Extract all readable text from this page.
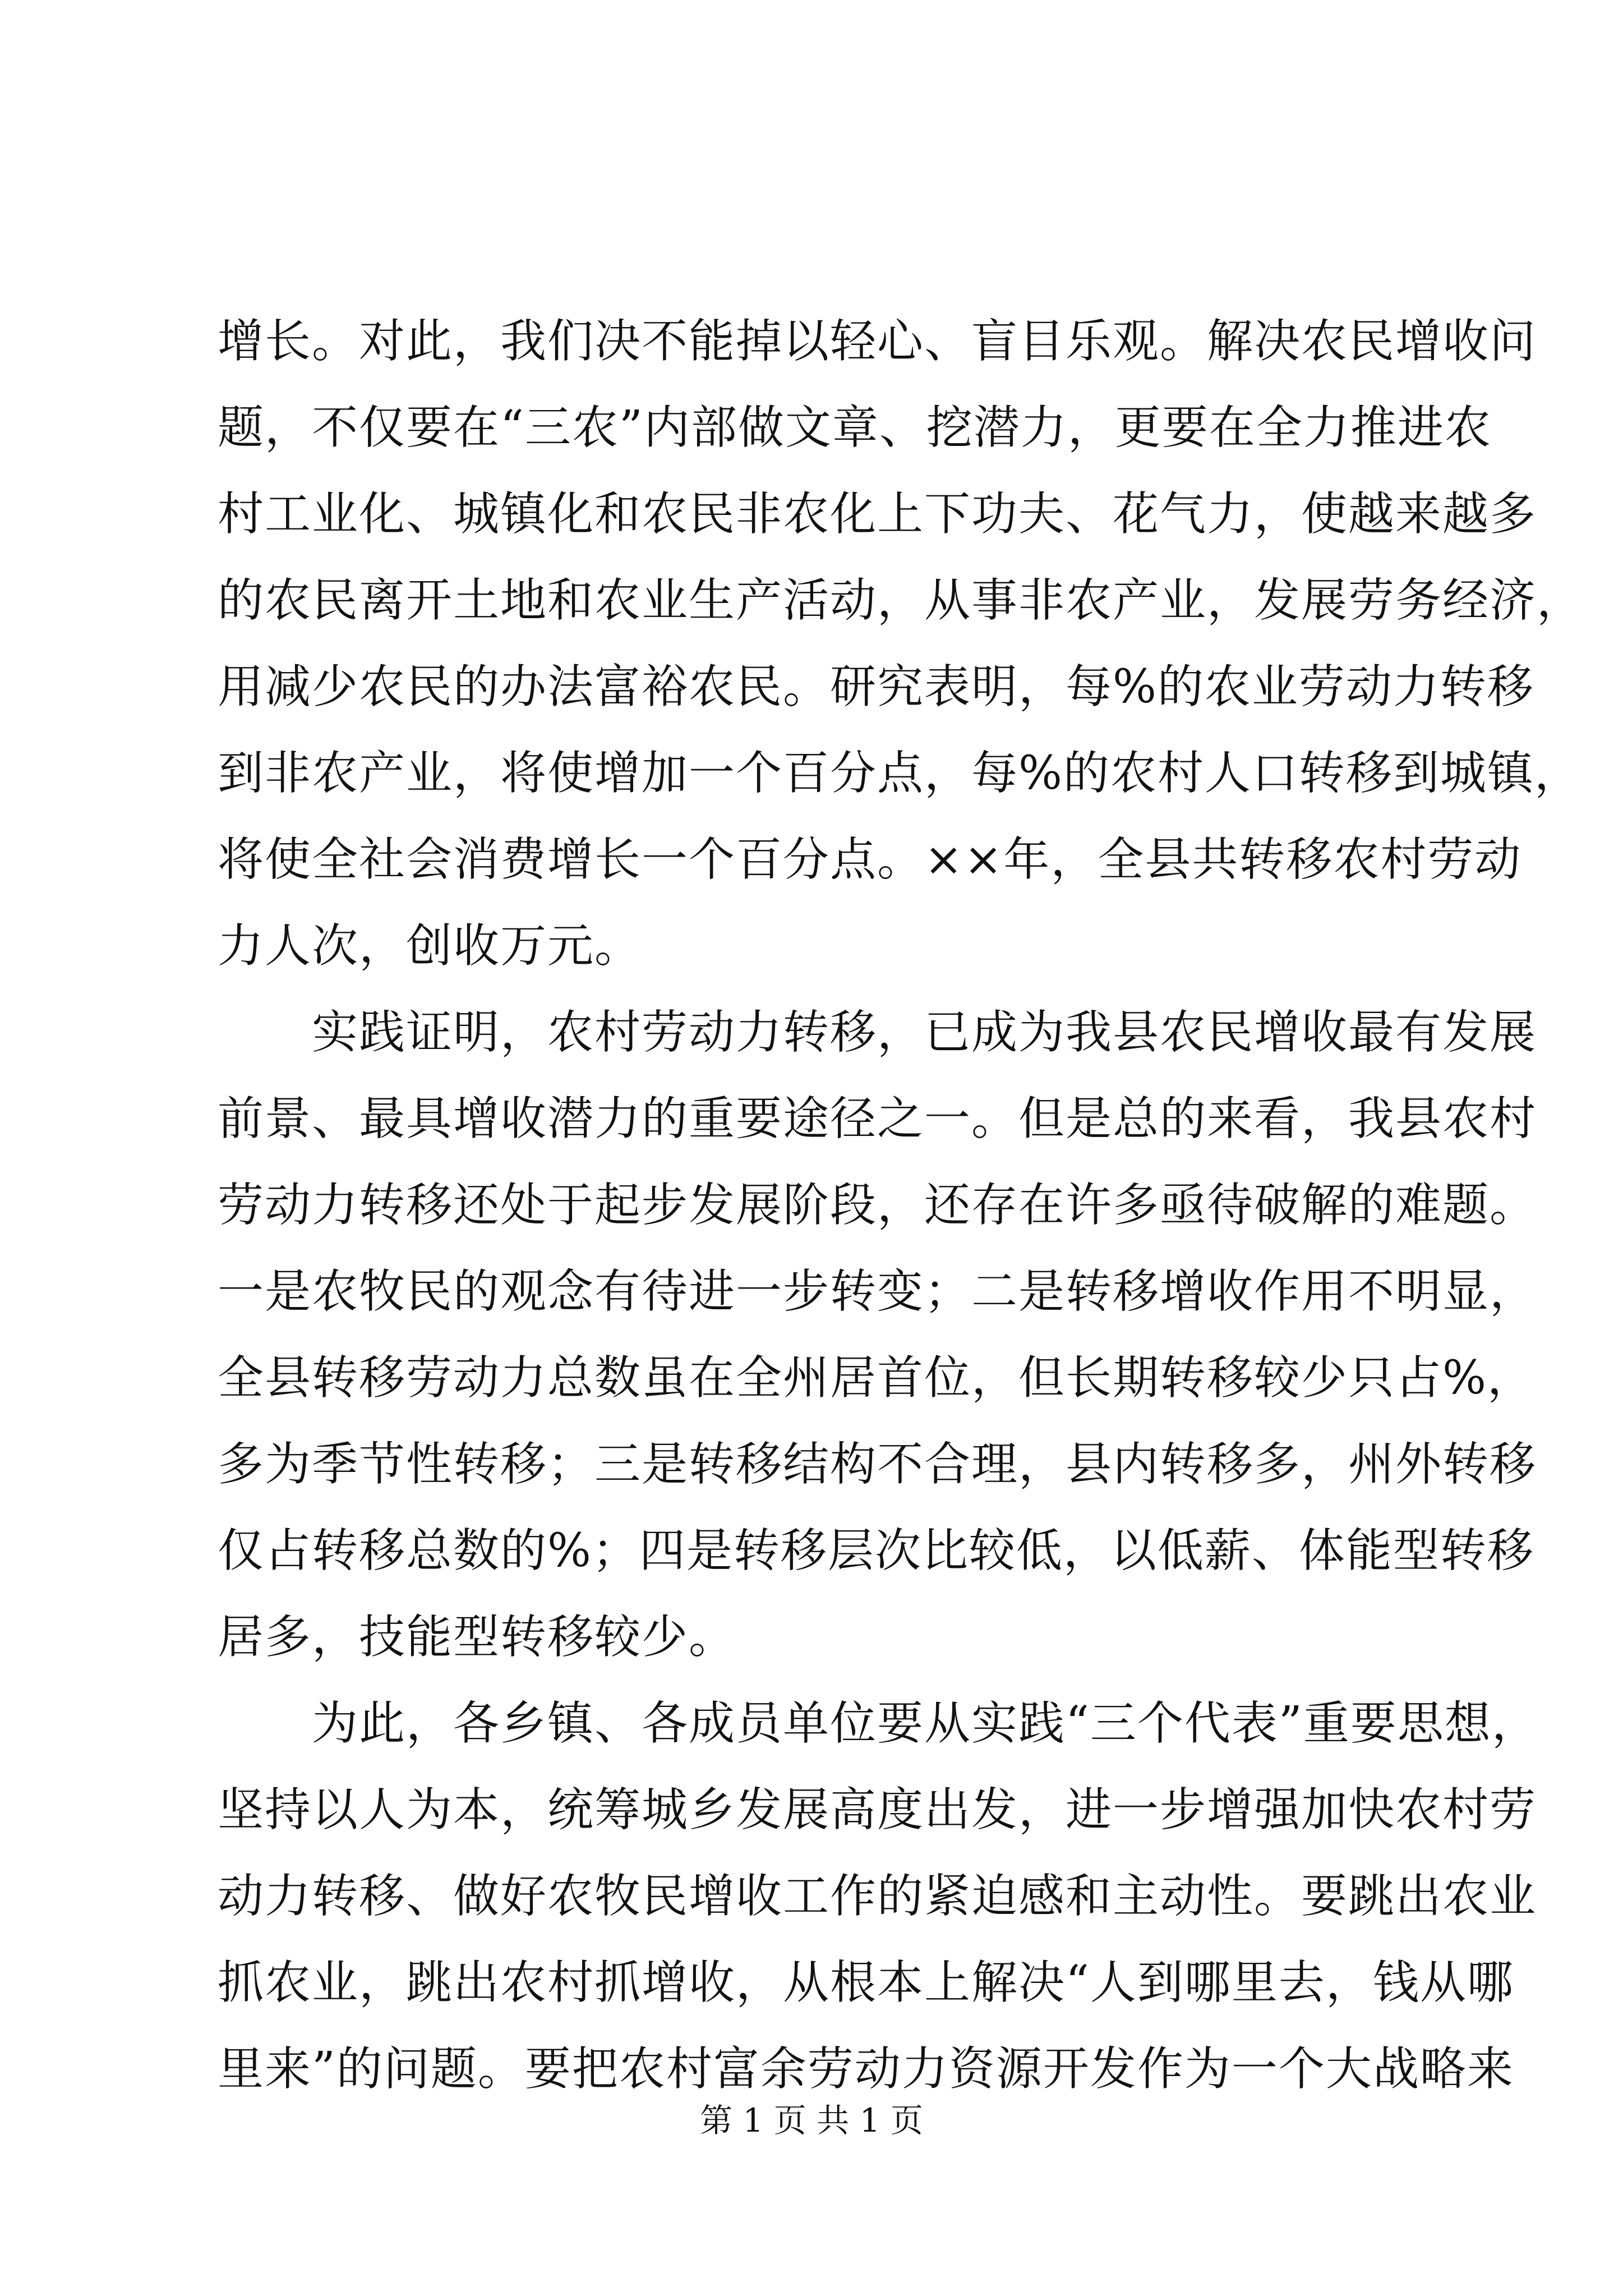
增长。对此，我们决不能掉以轻心、盲目乐观。解决农民增收问
题，不仅要在“三农”内部做文章、挖潜力，更要在全力推进农
村工业化、城镇化和农民非农化上下功夫、花气力，使越来越多
的农民离开土地和农业生产活动，从事非农产业，发展劳务经济，
用减少农民的办法富裕农民。研究表明，每%的农业劳动力转移
到非农产业，将使增加一个百分点，每%的农村人口转移到城镇，
将使全社会消费增长一个百分点。××年，全县共转移农村劳动
力人次，创收万元。
　　实践证明，农村劳动力转移，已成为我县农民增收最有发展
前景、最具增收潜力的重要途径之一。但是总的来看，我县农村
劳动力转移还处于起步发展阶段，还存在许多亟待破解的难题。
一是农牧民的观念有待进一步转变；二是转移增收作用不明显，
全县转移劳动力总数虽在全州居首位，但长期转移较少只占%，
多为季节性转移；三是转移结构不合理，县内转移多，州外转移
仅占转移总数的%；四是转移层次比较低，以低薪、体能型转移
居多，技能型转移较少。
　　为此，各乡镇、各成员单位要从实践“三个代表”重要思想，
坚持以人为本，统筹城乡发展高度出发，进一步增强加快农村劳
动力转移、做好农牧民增收工作的紧迫感和主动性。要跳出农业
抓农业，跳出农村抓增收，从根本上解决“人到哪里去，钱从哪
里来”的问题。要把农村富余劳动力资源开发作为一个大战略来
第 1 页 共 1 页
